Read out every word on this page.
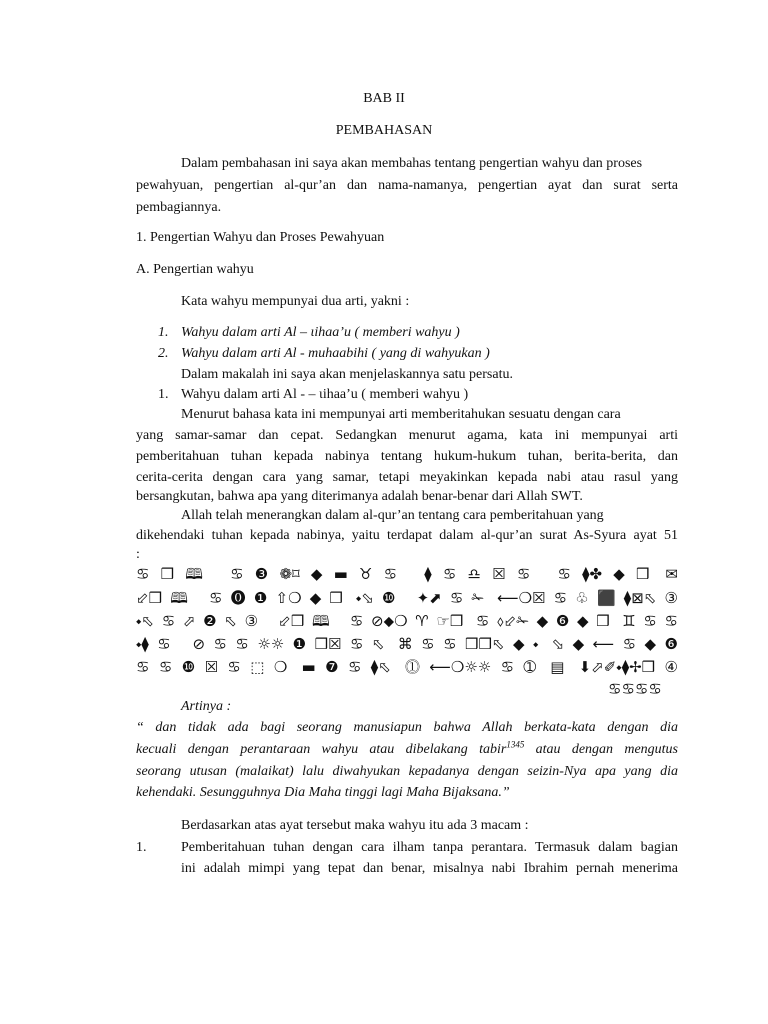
BAB II
PEMBAHASAN
Dalam pembahasan ini saya akan membahas tentang pengertian wahyu dan proses
pewahyuan, pengertian al-qur’an dan nama-namanya, pengertian ayat dan surat serta
pembagiannya.
1. Pengertian Wahyu dan Proses Pewahyuan
A. Pengertian wahyu
Kata wahyu mempunyai dua arti, yakni :
1. Wahyu dalam arti Al – ιihaa’u ( memberi wahyu )
2. Wahyu dalam arti Al - muhaabihi ( yang di wahyukan )
Dalam makalah ini saya akan menjelaskannya satu persatu.
1. Wahyu dalam arti Al - – ιihaa’u ( memberi wahyu )
Menurut bahasa kata ini mempunyai arti memberitahukan sesuatu dengan cara
yang samar-samar dan cepat. Sedangkan menurut agama, kata ini mempunyai arti
pemberitahuan tuhan kepada nabinya tentang hukum-hukum tuhan, berita-berita, dan
cerita-cerita dengan cara yang samar, tetapi meyakinkan kepada nabi atau rasul yang
bersangkutan, bahwa apa yang diterimanya adalah benar-benar dari Allah SWT.
Allah telah menerangkan dalam al-qur’an tentang cara pemberitahuan yang
dikehendaki tuhan kepada nabinya, yaitu terdapat dalam al-qur’an surat As-Syura ayat 51
:
♋❒🕮 ♋❸❁⌑◆▬♉♋ ⧫♋♎☒♋ ♋⧫✤◆❒ ✉
⬃❒🕮 ♋⓿❶⇧❍◆❒ ⬩⬂❿ ✦⬈♋✁ ⟵❍☒♋♧⬛⧫⊠⬁③
⬩⬁♋⬀❷⬁③ ⬃❒🕮 ♋⊘⬥❍♈☞❒ ♋⬨⬃✁◆❻◆❒ ♊♋♋
⬩⧫♋ ⊘♋♋☼☼❶❒☒♋⬁ ⌘♋♋❒❒⬁◆⬩ ⬂◆⟵♋◆❻
♋♋❿☒♋⬚❍ ▬❼♋⧫⬁ ⓵⟵❍☼☼♋➀ ▤ ⬇⬀✐⬩⧫✢❒④
♋♋♋♋
Artinya :
“ dan tidak ada bagi seorang manusiapun bahwa Allah berkata-kata dengan dia
kecuali dengan perantaraan wahyu atau dibelakang tabir$^{1345}$ atau dengan mengutus
seorang utusan (malaikat) lalu diwahyukan kepadanya dengan seizin-Nya apa yang dia
kehendaki. Sesungguhnya Dia Maha tinggi lagi Maha Bijaksana.”
Berdasarkan atas ayat tersebut maka wahyu itu ada 3 macam :
1. Pemberitahuan tuhan dengan cara ilham tanpa perantara. Termasuk dalam bagian
ini adalah mimpi yang tepat dan benar, misalnya nabi Ibrahim pernah menerima
